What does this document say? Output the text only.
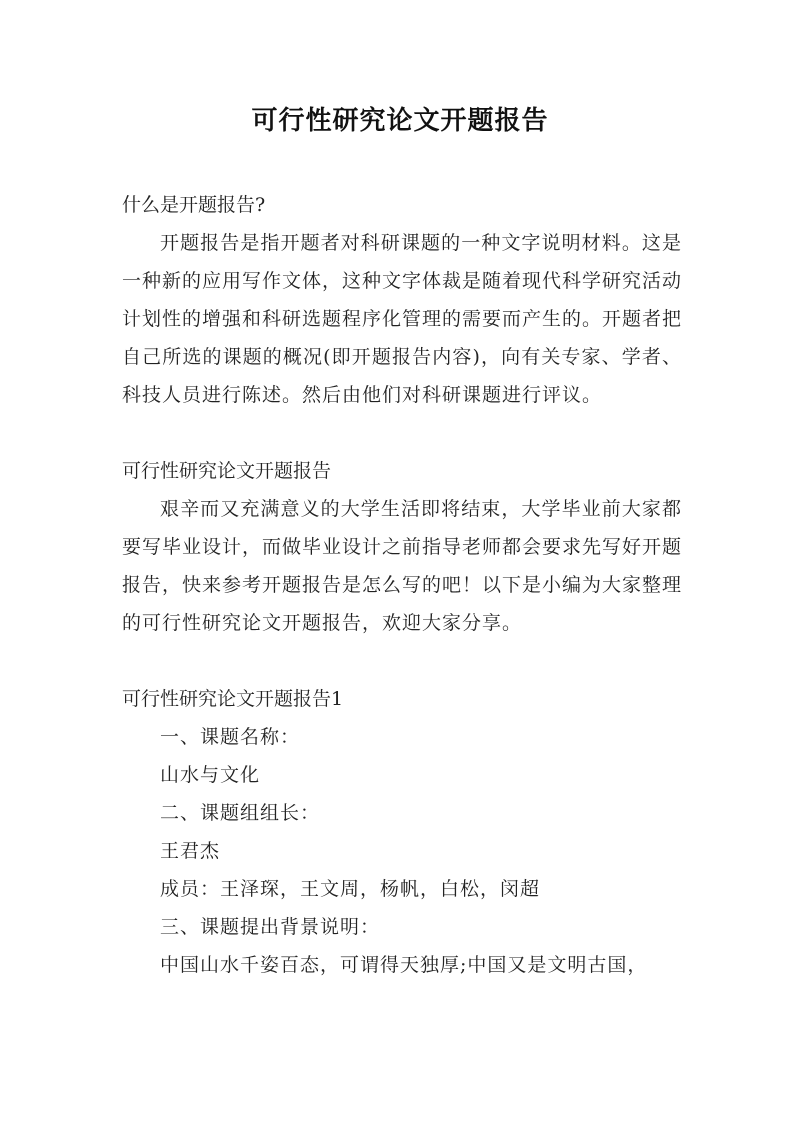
可行性研究论文开题报告

什么是开题报告?

开题报告是指开题者对科研课题的一种文字说明材料。这是一种新的应用写作文体，这种文字体裁是随着现代科学研究活动计划性的增强和科研选题程序化管理的需要而产生的。开题者把自己所选的课题的概况(即开题报告内容)，向有关专家、学者、科技人员进行陈述。然后由他们对科研课题进行评议。

可行性研究论文开题报告

艰辛而又充满意义的大学生活即将结束，大学毕业前大家都要写毕业设计，而做毕业设计之前指导老师都会要求先写好开题报告，快来参考开题报告是怎么写的吧！以下是小编为大家整理的可行性研究论文开题报告，欢迎大家分享。

可行性研究论文开题报告1

一、课题名称：

山水与文化

二、课题组组长：

王君杰

成员：王泽琛，王文周，杨帆，白松，闵超

三、课题提出背景说明：

中国山水千姿百态，可谓得天独厚;中国又是文明古国，
